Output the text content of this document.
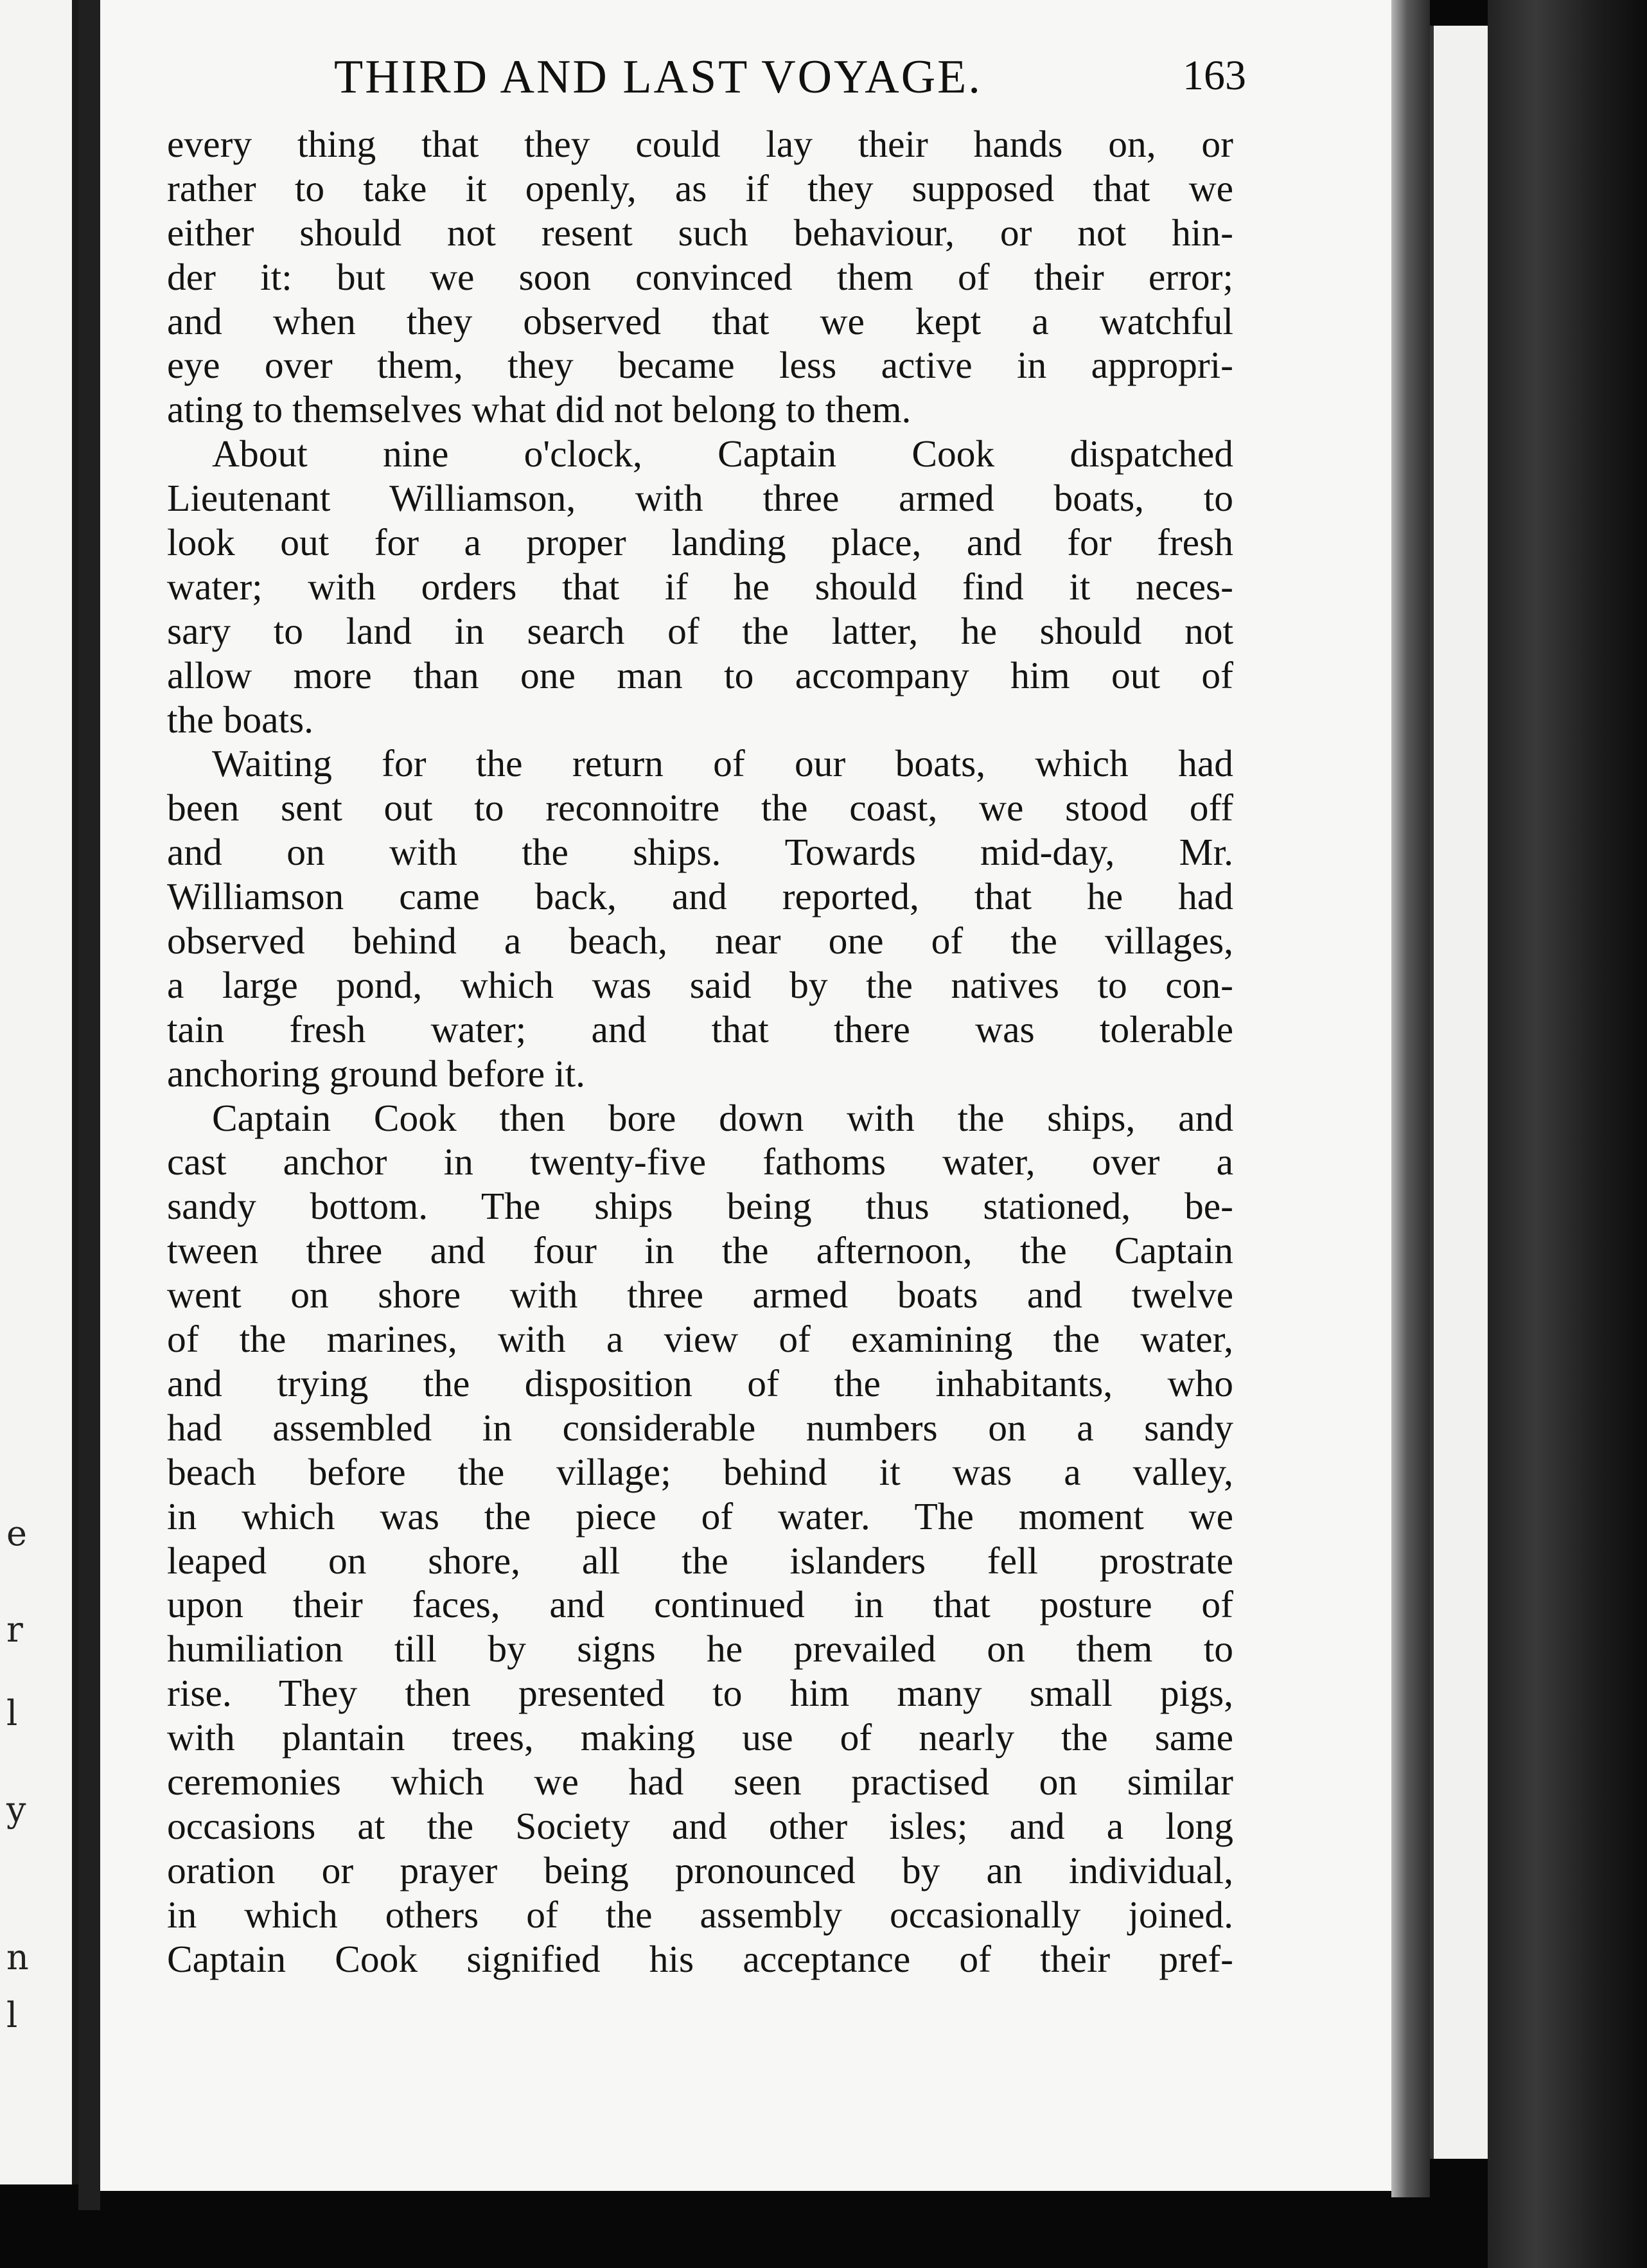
e
r
l
y
n
l
THIRD AND LAST VOYAGE.	163
every thing that they could lay their hands on, or
rather to take it openly, as if they supposed that we
either should not resent such behaviour, or not hin-
der it: but we soon convinced them of their error;
and when they observed that we kept a watchful
eye over them, they became less active in appropri-
ating to themselves what did not belong to them.
About nine o'clock, Captain Cook dispatched
Lieutenant Williamson, with three armed boats, to
look out for a proper landing place, and for fresh
water; with orders that if he should find it neces-
sary to land in search of the latter, he should not
allow more than one man to accompany him out of
the boats.
Waiting for the return of our boats, which had
been sent out to reconnoitre the coast, we stood off
and on with the ships. Towards mid-day, Mr.
Williamson came back, and reported, that he had
observed behind a beach, near one of the villages,
a large pond, which was said by the natives to con-
tain fresh water; and that there was tolerable
anchoring ground before it.
Captain Cook then bore down with the ships, and
cast anchor in twenty-five fathoms water, over a
sandy bottom. The ships being thus stationed, be-
tween three and four in the afternoon, the Captain
went on shore with three armed boats and twelve
of the marines, with a view of examining the water,
and trying the disposition of the inhabitants, who
had assembled in considerable numbers on a sandy
beach before the village; behind it was a valley,
in which was the piece of water. The moment we
leaped on shore, all the islanders fell prostrate
upon their faces, and continued in that posture of
humiliation till by signs he prevailed on them to
rise. They then presented to him many small pigs,
with plantain trees, making use of nearly the same
ceremonies which we had seen practised on similar
occasions at the Society and other isles; and a long
oration or prayer being pronounced by an individual,
in which others of the assembly occasionally joined.
Captain Cook signified his acceptance of their pref-
